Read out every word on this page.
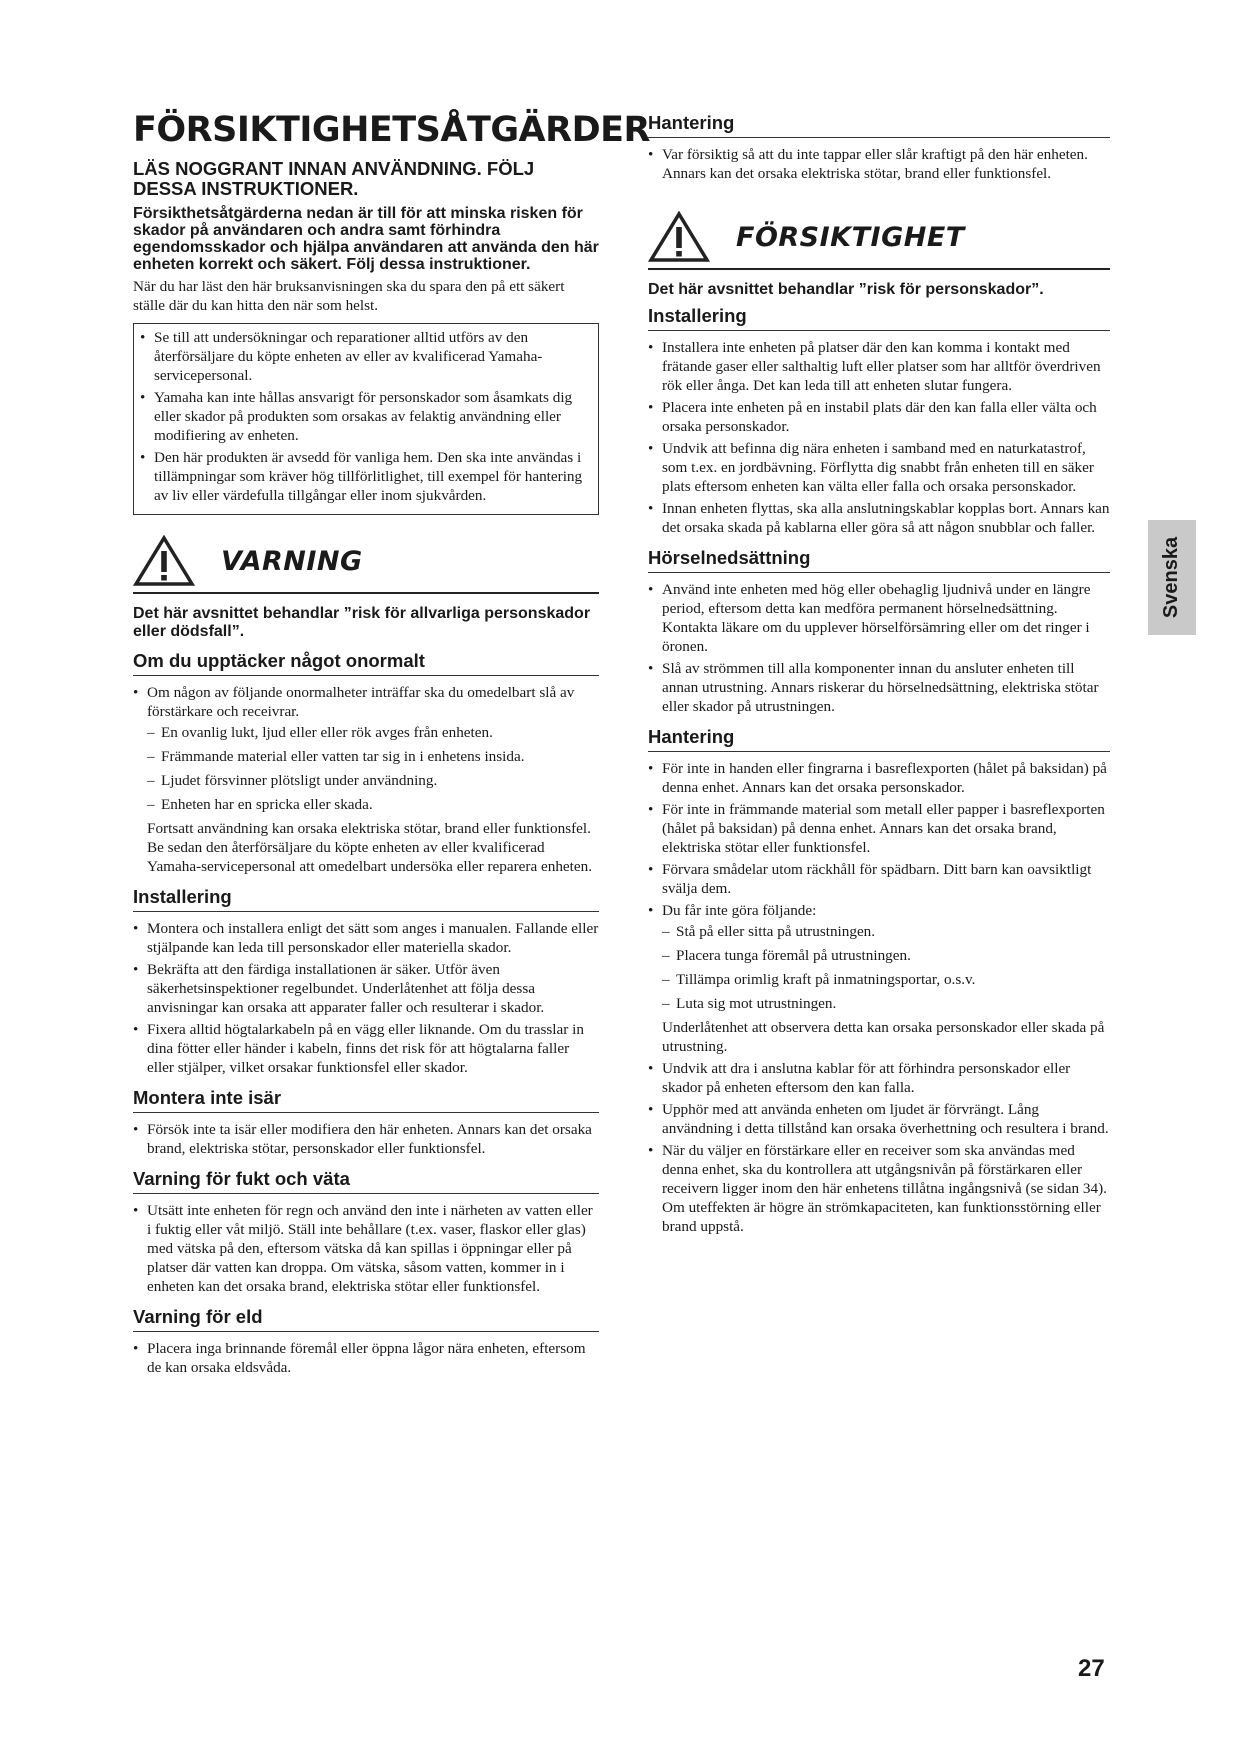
FÖRSIKTIGHETSÅTGÄRDER

LÄS NOGGRANT INNAN ANVÄNDNING. FÖLJ DESSA INSTRUKTIONER.

Försikthetsåtgärderna nedan är till för att minska risken för skador på användaren och andra samt förhindra egendomsskador och hjälpa användaren att använda den här enheten korrekt och säkert. Följ dessa instruktioner.

När du har läst den här bruksanvisningen ska du spara den på ett säkert ställe där du kan hitta den när som helst.

• Se till att undersökningar och reparationer alltid utförs av den återförsäljare du köpte enheten av eller av kvalificerad Yamaha-servicepersonal.
• Yamaha kan inte hållas ansvarigt för personskador som åsamkats dig eller skador på produkten som orsakas av felaktig användning eller modifiering av enheten.
• Den här produkten är avsedd för vanliga hem. Den ska inte användas i tillämpningar som kräver hög tillförlitlighet, till exempel för hantering av liv eller värdefulla tillgångar eller inom sjukvården.
VARNING

Det här avsnittet behandlar ”risk för allvarliga personskador eller dödsfall”.

Om du upptäcker något onormalt
• Om någon av följande onormalheter inträffar ska du omedelbart slå av förstärkare och receivrar.
– En ovanlig lukt, ljud eller eller rök avges från enheten.
– Främmande material eller vatten tar sig in i enhetens insida.
– Ljudet försvinner plötsligt under användning.
– Enheten har en spricka eller skada.

Fortsatt användning kan orsaka elektriska stötar, brand eller funktionsfel. Be sedan den återförsäljare du köpte enheten av eller kvalificerad Yamaha-servicepersonal att omedelbart undersöka eller reparera enheten.

Installering
• Montera och installera enligt det sätt som anges i manualen. Fallande eller stjälpande kan leda till personskador eller materiella skador.
• Bekräfta att den färdiga installationen är säker. Utför även säkerhetsinspektioner regelbundet. Underlåtenhet att följa dessa anvisningar kan orsaka att apparater faller och resulterar i skador.
• Fixera alltid högtalarkabeln på en vägg eller liknande. Om du trasslar in dina fötter eller händer i kabeln, finns det risk för att högtalarna faller eller stjälper, vilket orsakar funktionsfel eller skador.
Montera inte isär
• Försök inte ta isär eller modifiera den här enheten. Annars kan det orsaka brand, elektriska stötar, personskador eller funktionsfel.
Varning för fukt och väta
• Utsätt inte enheten för regn och använd den inte i närheten av vatten eller i fuktig eller våt miljö. Ställ inte behållare (t.ex. vaser, flaskor eller glas) med vätska på den, eftersom vätska då kan spillas i öppningar eller på platser där vatten kan droppa. Om vätska, såsom vatten, kommer in i enheten kan det orsaka brand, elektriska stötar eller funktionsfel.
Varning för eld
• Placera inga brinnande föremål eller öppna lågor nära enheten, eftersom de kan orsaka eldsvåda.
Hantering
• Var försiktig så att du inte tappar eller slår kraftigt på den här enheten. Annars kan det orsaka elektriska stötar, brand eller funktionsfel.
FÖRSIKTIGHET

Det här avsnittet behandlar ”risk för personskador”.

Installering
• Installera inte enheten på platser där den kan komma i kontakt med frätande gaser eller salthaltig luft eller platser som har alltför överdriven rök eller ånga. Det kan leda till att enheten slutar fungera.
• Placera inte enheten på en instabil plats där den kan falla eller välta och orsaka personskador.
• Undvik att befinna dig nära enheten i samband med en naturkatastrof, som t.ex. en jordbävning. Förflytta dig snabbt från enheten till en säker plats eftersom enheten kan välta eller falla och orsaka personskador.
• Innan enheten flyttas, ska alla anslutningskablar kopplas bort. Annars kan det orsaka skada på kablarna eller göra så att någon snubblar och faller.
Hörselnedsättning
• Använd inte enheten med hög eller obehaglig ljudnivå under en längre period, eftersom detta kan medföra permanent hörselnedsättning. Kontakta läkare om du upplever hörselförsämring eller om det ringer i öronen.
• Slå av strömmen till alla komponenter innan du ansluter enheten till annan utrustning. Annars riskerar du hörselnedsättning, elektriska stötar eller skador på utrustningen.
Hantering
• För inte in handen eller fingrarna i basreflexporten (hålet på baksidan) på denna enhet. Annars kan det orsaka personskador.
• För inte in främmande material som metall eller papper i basreflexporten (hålet på baksidan) på denna enhet. Annars kan det orsaka brand, elektriska stötar eller funktionsfel.
• Förvara smådelar utom räckhåll för spädbarn. Ditt barn kan oavsiktligt svälja dem.
• Du får inte göra följande:
– Stå på eller sitta på utrustningen.
– Placera tunga föremål på utrustningen.
– Tillämpa orimlig kraft på inmatningsportar, o.s.v.
– Luta sig mot utrustningen.

Underlåtenhet att observera detta kan orsaka personskador eller skada på utrustning.

• Undvik att dra i anslutna kablar för att förhindra personskador eller skador på enheten eftersom den kan falla.
• Upphör med att använda enheten om ljudet är förvrängt. Lång användning i detta tillstånd kan orsaka överhettning och resultera i brand.
• När du väljer en förstärkare eller en receiver som ska användas med denna enhet, ska du kontrollera att utgångsnivån på förstärkaren eller receivern ligger inom den här enhetens tillåtna ingångsnivå (se sidan 34). Om uteffekten är högre än strömkapaciteten, kan funktionsstörning eller brand uppstå.
Svenska
27
